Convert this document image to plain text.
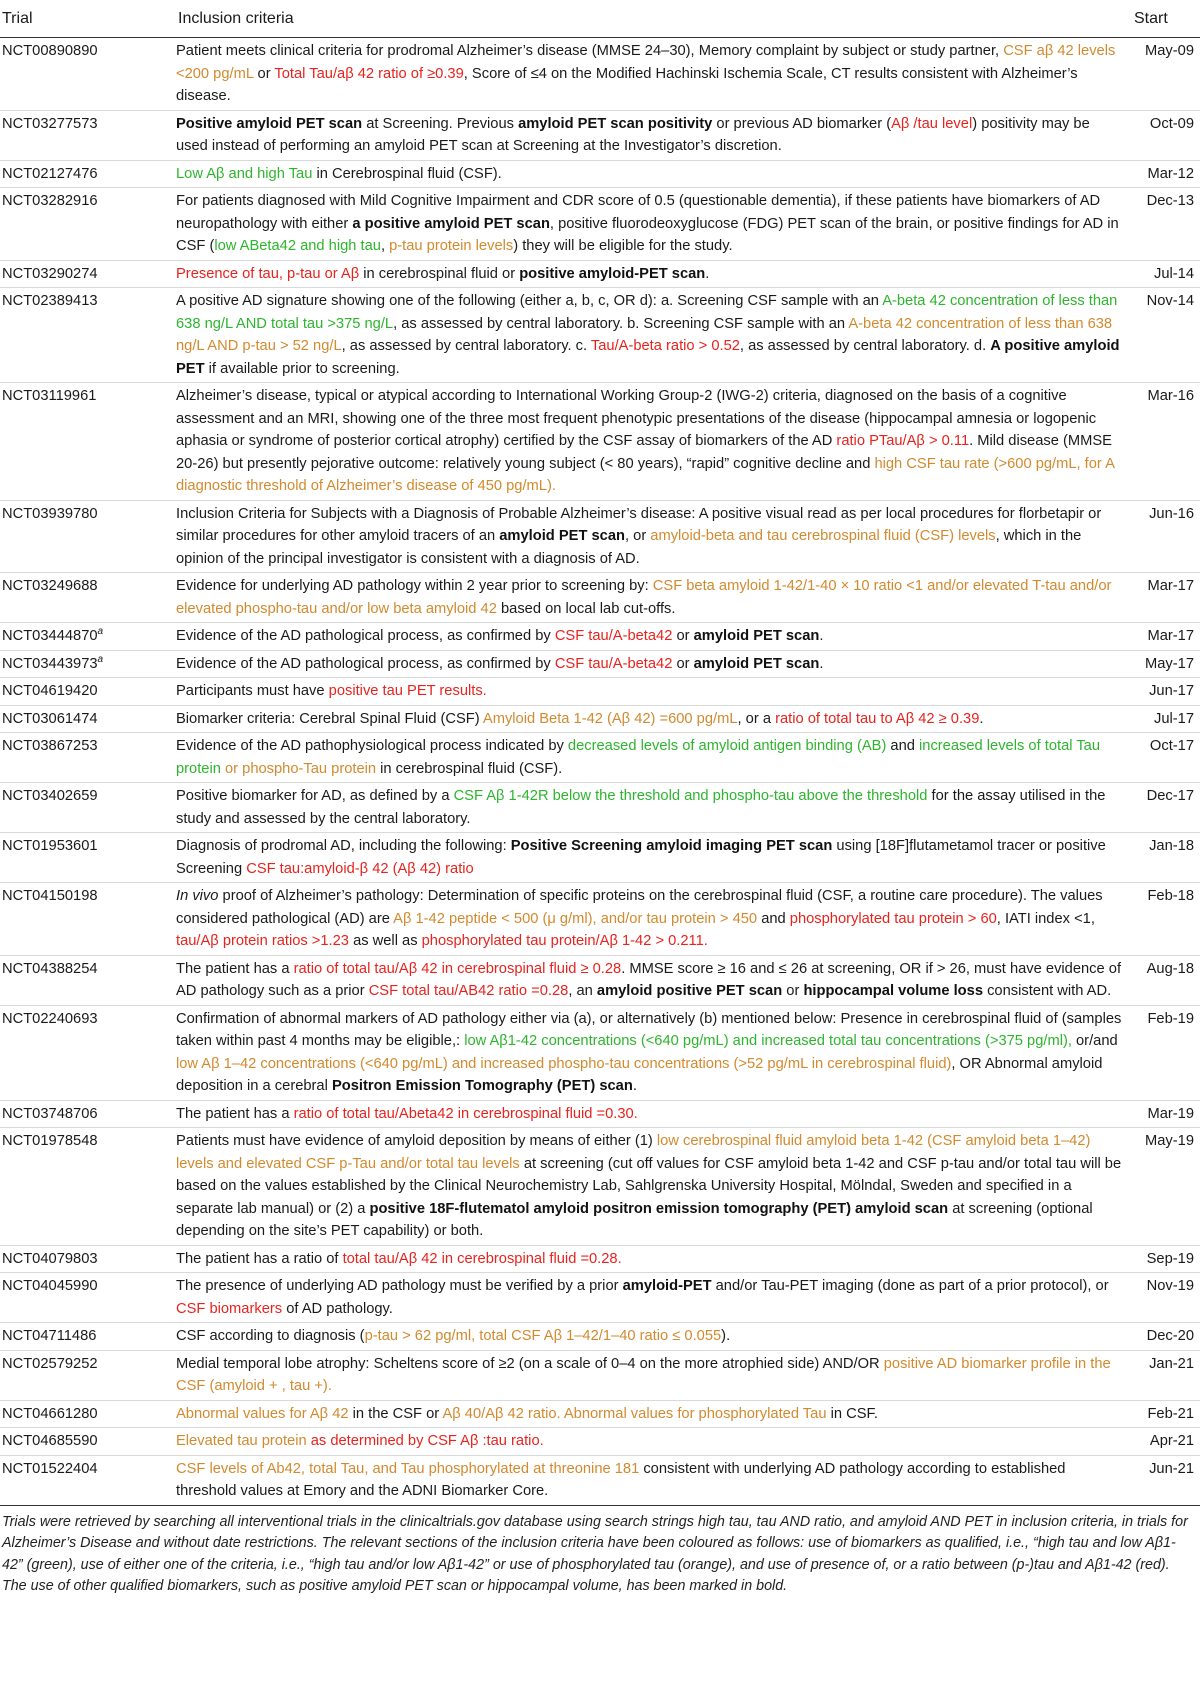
Trial	Inclusion criteria	Start
NCT00890890	Patient meets clinical criteria for prodromal Alzheimer’s disease (MMSE 24–30), Memory complaint by subject or study partner, CSF aβ 42 levels <200 pg/mL or Total Tau/aβ 42 ratio of ≥0.39, Score of ≤4 on the Modified Hachinski Ischemia Scale, CT results consistent with Alzheimer’s disease.	May-09
NCT03277573	Positive amyloid PET scan at Screening. Previous amyloid PET scan positivity or previous AD biomarker (Aβ /tau level) positivity may be used instead of performing an amyloid PET scan at Screening at the Investigator’s discretion.	Oct-09
NCT02127476	Low Aβ and high Tau in Cerebrospinal fluid (CSF).	Mar-12
NCT03282916	For patients diagnosed with Mild Cognitive Impairment and CDR score of 0.5 (questionable dementia), if these patients have biomarkers of AD neuropathology with either a positive amyloid PET scan, positive fluorodeoxyglucose (FDG) PET scan of the brain, or positive findings for AD in CSF (low ABeta42 and high tau, p-tau protein levels) they will be eligible for the study.	Dec-13
NCT03290274	Presence of tau, p-tau or Aβ in cerebrospinal fluid or positive amyloid-PET scan.	Jul-14
NCT02389413	A positive AD signature showing one of the following (either a, b, c, OR d): a. Screening CSF sample with an A-beta 42 concentration of less than 638 ng/L AND total tau >375 ng/L, as assessed by central laboratory. b. Screening CSF sample with an A-beta 42 concentration of less than 638 ng/L AND p-tau > 52 ng/L, as assessed by central laboratory. c. Tau/A-beta ratio > 0.52, as assessed by central laboratory. d. A positive amyloid PET if available prior to screening.	Nov-14
NCT03119961	Alzheimer’s disease, typical or atypical according to International Working Group-2 (IWG-2) criteria, diagnosed on the basis of a cognitive assessment and an MRI, showing one of the three most frequent phenotypic presentations of the disease (hippocampal amnesia or logopenic aphasia or syndrome of posterior cortical atrophy) certified by the CSF assay of biomarkers of the AD ratio PTau/Aβ > 0.11. Mild disease (MMSE 20-26) but presently pejorative outcome: relatively young subject (< 80 years), “rapid” cognitive decline and high CSF tau rate (>600 pg/mL, for A diagnostic threshold of Alzheimer’s disease of 450 pg/mL).	Mar-16
NCT03939780	Inclusion Criteria for Subjects with a Diagnosis of Probable Alzheimer’s disease: A positive visual read as per local procedures for florbetapir or similar procedures for other amyloid tracers of an amyloid PET scan, or amyloid-beta and tau cerebrospinal fluid (CSF) levels, which in the opinion of the principal investigator is consistent with a diagnosis of AD.	Jun-16
NCT03249688	Evidence for underlying AD pathology within 2 year prior to screening by: CSF beta amyloid 1-42/1-40 × 10 ratio <1 and/or elevated T-tau and/or elevated phospho-tau and/or low beta amyloid 42 based on local lab cut-offs.	Mar-17
NCT03444870$^a$	Evidence of the AD pathological process, as confirmed by CSF tau/A-beta42 or amyloid PET scan.	Mar-17
NCT03443973$^a$	Evidence of the AD pathological process, as confirmed by CSF tau/A-beta42 or amyloid PET scan.	May-17
NCT04619420	Participants must have positive tau PET results.	Jun-17
NCT03061474	Biomarker criteria: Cerebral Spinal Fluid (CSF) Amyloid Beta 1-42 (Aβ 42) =600 pg/mL, or a ratio of total tau to Aβ 42 ≥ 0.39.	Jul-17
NCT03867253	Evidence of the AD pathophysiological process indicated by decreased levels of amyloid antigen binding (AB) and increased levels of total Tau protein or phospho-Tau protein in cerebrospinal fluid (CSF).	Oct-17
NCT03402659	Positive biomarker for AD, as defined by a CSF Aβ 1-42R below the threshold and phospho-tau above the threshold for the assay utilised in the study and assessed by the central laboratory.	Dec-17
NCT01953601	Diagnosis of prodromal AD, including the following: Positive Screening amyloid imaging PET scan using [18F]flutametamol tracer or positive Screening CSF tau:amyloid-β 42 (Aβ 42) ratio	Jan-18
NCT04150198	In vivo proof of Alzheimer’s pathology: Determination of specific proteins on the cerebrospinal fluid (CSF, a routine care procedure). The values considered pathological (AD) are Aβ 1-42 peptide < 500 (μ g/ml), and/or tau protein > 450 and phosphorylated tau protein > 60, IATI index <1, tau/Aβ protein ratios >1.23 as well as phosphorylated tau protein/Aβ 1-42 > 0.211.	Feb-18
NCT04388254	The patient has a ratio of total tau/Aβ 42 in cerebrospinal fluid ≥ 0.28. MMSE score ≥ 16 and ≤ 26 at screening, OR if > 26, must have evidence of AD pathology such as a prior CSF total tau/AB42 ratio =0.28, an amyloid positive PET scan or hippocampal volume loss consistent with AD.	Aug-18
NCT02240693	Confirmation of abnormal markers of AD pathology either via (a), or alternatively (b) mentioned below: Presence in cerebrospinal fluid of (samples taken within past 4 months may be eligible,: low Aβ1-42 concentrations (<640 pg/mL) and increased total tau concentrations (>375 pg/ml), or/and low Aβ 1–42 concentrations (<640 pg/mL) and increased phospho-tau concentrations (>52 pg/mL in cerebrospinal fluid), OR Abnormal amyloid deposition in a cerebral Positron Emission Tomography (PET) scan.	Feb-19
NCT03748706	The patient has a ratio of total tau/Abeta42 in cerebrospinal fluid =0.30.	Mar-19
NCT01978548	Patients must have evidence of amyloid deposition by means of either (1) low cerebrospinal fluid amyloid beta 1-42 (CSF amyloid beta 1–42) levels and elevated CSF p-Tau and/or total tau levels at screening (cut off values for CSF amyloid beta 1-42 and CSF p-tau and/or total tau will be based on the values established by the Clinical Neurochemistry Lab, Sahlgrenska University Hospital, Mölndal, Sweden and specified in a separate lab manual) or (2) a positive 18F-flutematol amyloid positron emission tomography (PET) amyloid scan at screening (optional depending on the site’s PET capability) or both.	May-19
NCT04079803	The patient has a ratio of total tau/Aβ 42 in cerebrospinal fluid =0.28.	Sep-19
NCT04045990	The presence of underlying AD pathology must be verified by a prior amyloid-PET and/or Tau-PET imaging (done as part of a prior protocol), or CSF biomarkers of AD pathology.	Nov-19
NCT04711486	CSF according to diagnosis (p-tau > 62 pg/ml, total CSF Aβ 1–42/1–40 ratio ≤ 0.055).	Dec-20
NCT02579252	Medial temporal lobe atrophy: Scheltens score of ≥2 (on a scale of 0–4 on the more atrophied side) AND/OR positive AD biomarker profile in the CSF (amyloid + , tau +).	Jan-21
NCT04661280	Abnormal values for Aβ 42 in the CSF or Aβ 40/Aβ 42 ratio. Abnormal values for phosphorylated Tau in CSF.	Feb-21
NCT04685590	Elevated tau protein as determined by CSF Aβ :tau ratio.	Apr-21
NCT01522404	CSF levels of Ab42, total Tau, and Tau phosphorylated at threonine 181 consistent with underlying AD pathology according to established threshold values at Emory and the ADNI Biomarker Core.	Jun-21

Trials were retrieved by searching all interventional trials in the clinicaltrials.gov database using search strings high tau, tau AND ratio, and amyloid AND PET in inclusion criteria, in trials for Alzheimer’s Disease and without date restrictions. The relevant sections of the inclusion criteria have been coloured as follows: use of biomarkers as qualified, i.e., “high tau and low Aβ1-42” (green), use of either one of the criteria, i.e., “high tau and/or low Aβ1-42” or use of phosphorylated tau (orange), and use of presence of, or a ratio between (p-)tau and Aβ1-42 (red). The use of other qualified biomarkers, such as positive amyloid PET scan or hippocampal volume, has been marked in bold.
